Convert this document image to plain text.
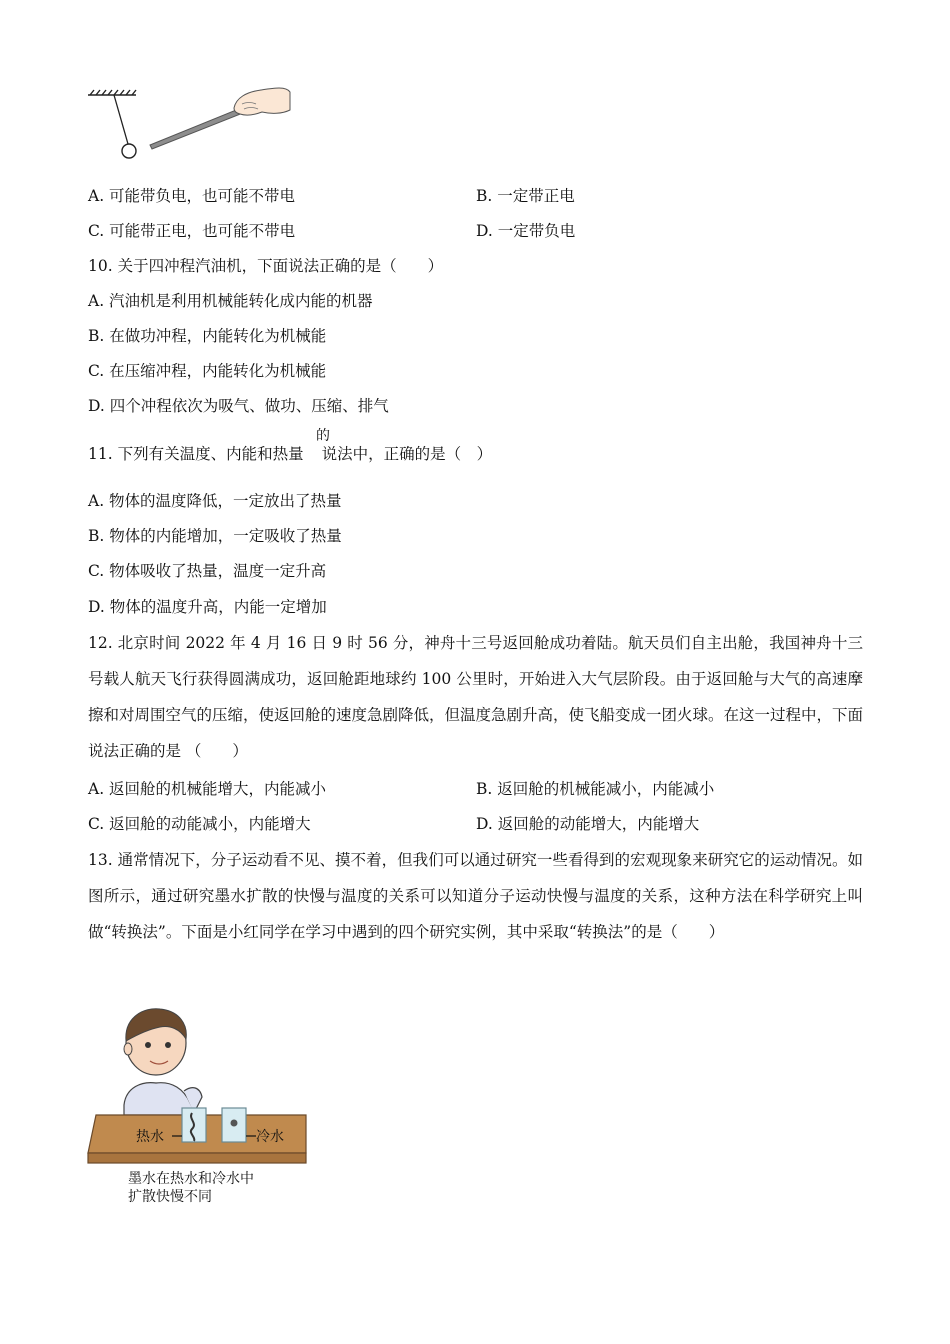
A. 可能带负电，也可能不带电	B. 一定带正电
C. 可能带正电，也可能不带电	D. 一定带负电
10. 关于四冲程汽油机，下面说法正确的是（　　）
A. 汽油机是利用机械能转化成内能的机器
B. 在做功冲程，内能转化为机械能
C. 在压缩冲程，内能转化为机械能
D. 四个冲程依次为吸气、做功、压缩、排气
的
11. 下列有关温度、内能和热量 说法中，正确的是（　）
A. 物体的温度降低，一定放出了热量
B. 物体的内能增加，一定吸收了热量
C. 物体吸收了热量，温度一定升高
D. 物体的温度升高，内能一定增加
12. 北京时间 2022 年 4 月 16 日 9 时 56 分，神舟十三号返回舱成功着陆。航天员们自主出舱，我国神舟十三号载人航天飞行获得圆满成功，返回舱距地球约 100 公里时，开始进入大气层阶段。由于返回舱与大气的高速摩擦和对周围空气的压缩，使返回舱的速度急剧降低，但温度急剧升高，使飞船变成一团火球。在这一过程中，下面说法正确的是 （　　）
A. 返回舱的机械能增大，内能减小	B. 返回舱的机械能减小，内能减小
C. 返回舱的动能减小，内能增大	D. 返回舱的动能增大，内能增大
13. 通常情况下，分子运动看不见、摸不着，但我们可以通过研究一些看得到的宏观现象来研究它的运动情况。如图所示，通过研究墨水扩散的快慢与温度的关系可以知道分子运动快慢与温度的关系，这种方法在科学研究上叫做“转换法”。下面是小红同学在学习中遇到的四个研究实例，其中采取“转换法”的是（　　）
热水	冷水
墨水在热水和冷水中
扩散快慢不同
